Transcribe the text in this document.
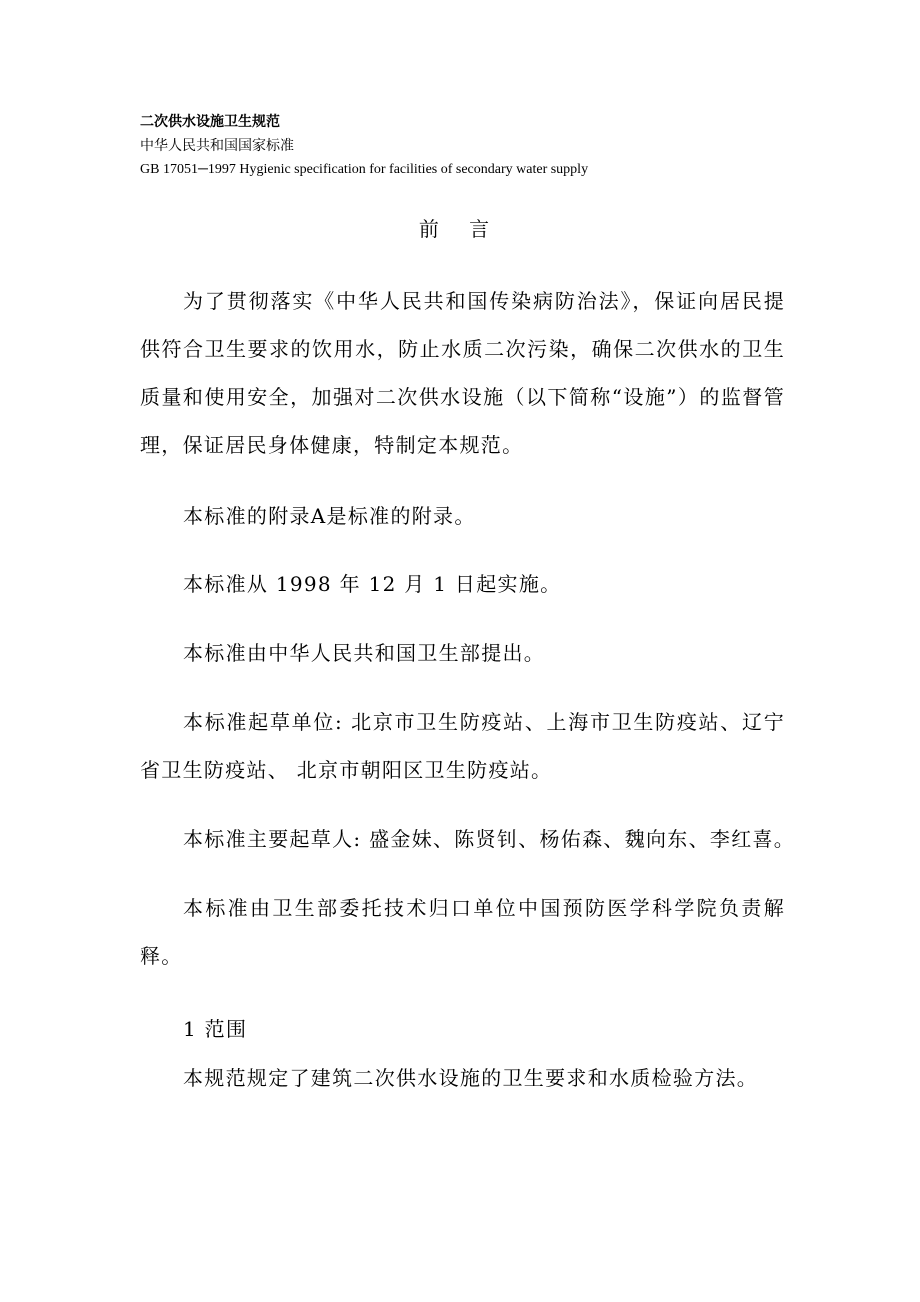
二次供水设施卫生规范
中华人民共和国国家标准
GB 17051─1997 Hygienic specification for facilities of secondary water supply
前 言

为了贯彻落实《中华人民共和国传染病防治法》，保证向居民提供符合卫生要求的饮用水，防止水质二次污染，确保二次供水的卫生质量和使用安全，加强对二次供水设施（以下简称“设施”）的监督管理，保证居民身体健康，特制定本规范。

本标准的附录A是标准的附录。

本标准从 1998 年 12 月 1 日起实施。

本标准由中华人民共和国卫生部提出。

本标准起草单位: 北京市卫生防疫站、上海市卫生防疫站、辽宁省卫生防疫站、 北京市朝阳区卫生防疫站。

本标准主要起草人: 盛金妹、陈贤钊、杨佑森、魏向东、李红喜。

本标准由卫生部委托技术归口单位中国预防医学科学院负责解释。

1 范围

本规范规定了建筑二次供水设施的卫生要求和水质检验方法。
